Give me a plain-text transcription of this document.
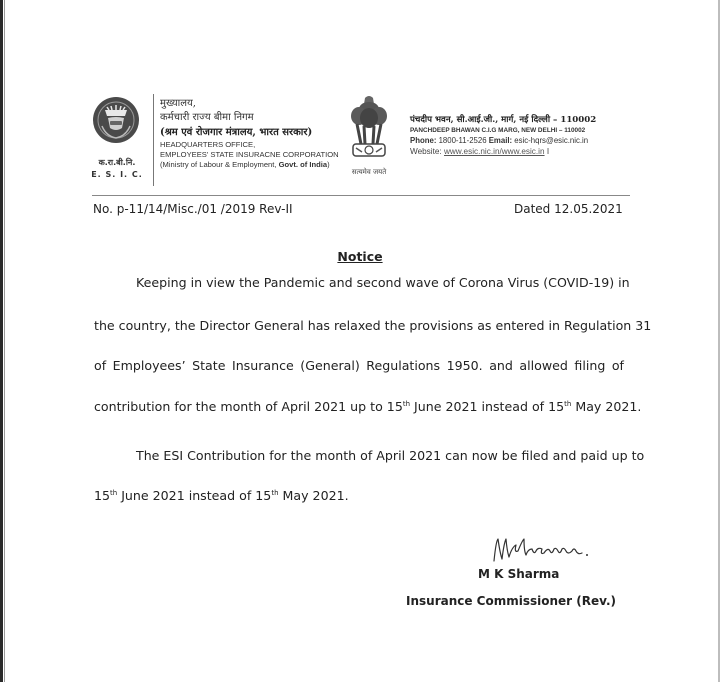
क.रा.बी.नि.
E. S. I. C.
मुख्यालय,
कर्मचारी राज्य बीमा निगम
(श्रम एवं रोजगार मंत्रालय, भारत सरकार)
HEADQUARTERS OFFICE,
EMPLOYEES' STATE INSURACNE CORPORATION
(Ministry of Labour & Employment, Govt. of India)
सत्यमेव जयते
पंचदीप भवन, सी.आई.जी., मार्ग, नई दिल्ली – 110002
PANCHDEEP BHAWAN C.I.G MARG, NEW DELHI – 110002
Phone: 1800-11-2526 Email: esic-hqrs@esic.nic.in
Website: www.esic.nic.in/www.esic.in I
No. p-11/14/Misc./01 /2019 Rev-II	Dated 12.05.2021
Notice
Keeping in view the Pandemic and second wave of Corona Virus (COVID-19) in
the country, the Director General has relaxed the provisions as entered in Regulation 31
of Employees’ State Insurance (General) Regulations 1950. and allowed filing of
contribution for the month of April 2021 up to 15th June 2021 instead of 15th May 2021.
The ESI Contribution for the month of April 2021 can now be filed and paid up to
15th June 2021 instead of 15th May 2021.
M K Sharma
Insurance Commissioner (Rev.)
